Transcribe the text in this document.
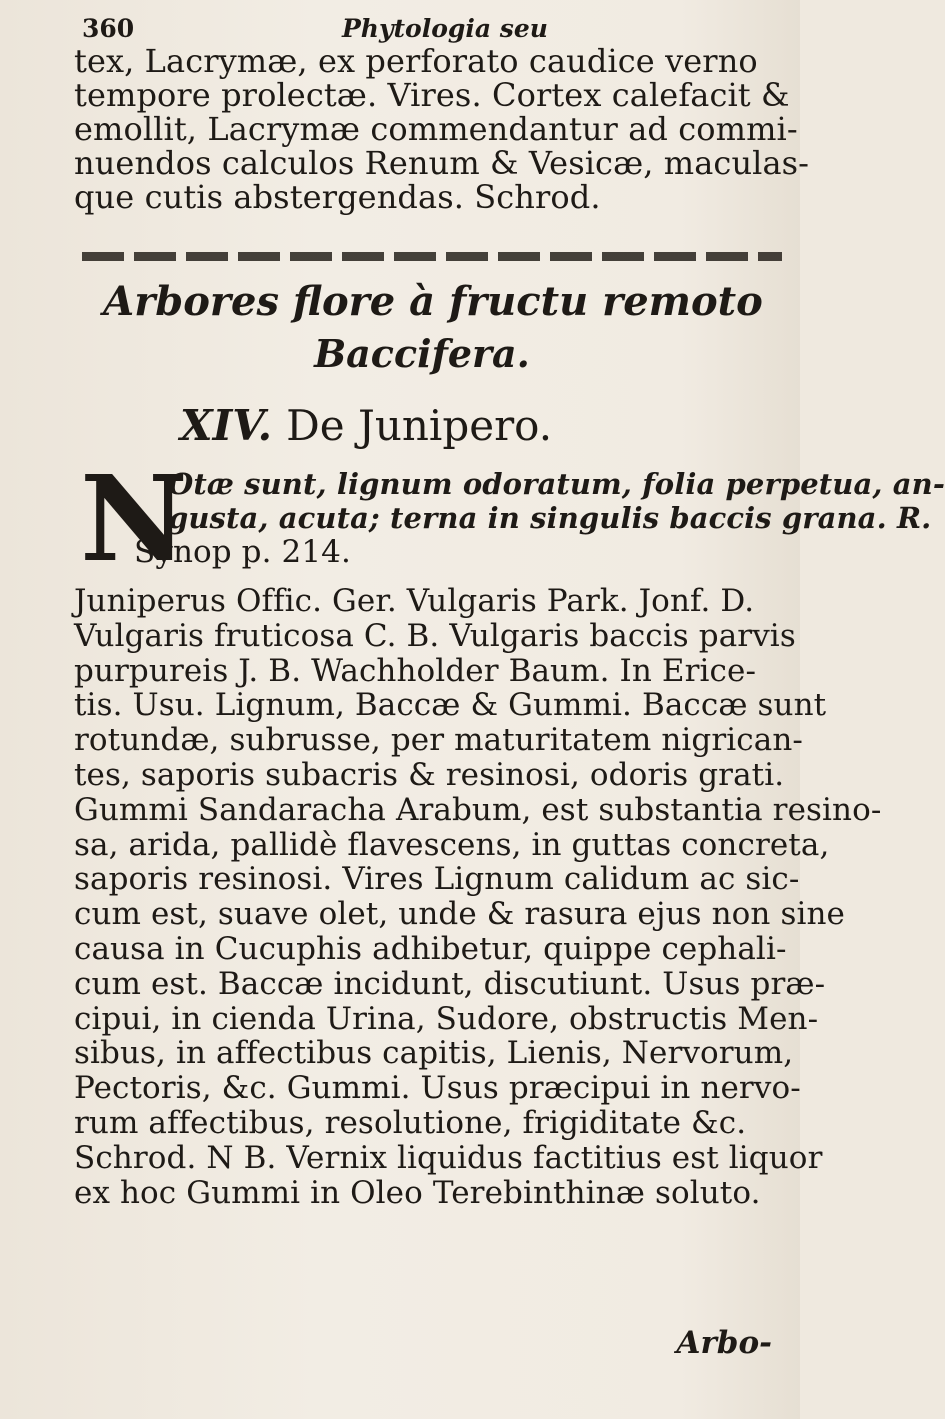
360	Phytologia seu
tex, Lacrymæ, ex perforato caudice verno
tempore prolectæ. Vires. Cortex calefacit &
emollit, Lacrymæ commendantur ad commi-
nuendos calculos Renum & Vesicæ, maculas-
que cutis abstergendas. Schrod.
Arbores flore à fructu remoto
Baccifera.
XIV. De Junipero.
N
Otæ sunt, lignum odoratum, folia perpetua, an-
gusta, acuta; terna in singulis baccis grana. R.
Synop p. 214.
Juniperus Offic. Ger. Vulgaris Park. Jonf. D.
Vulgaris fruticosa C. B. Vulgaris baccis parvis
purpureis J. B. Wachholder Baum. In Erice-
tis. Usu. Lignum, Baccæ & Gummi. Baccæ sunt
rotundæ, subrusse, per maturitatem nigrican-
tes, saporis subacris & resinosi, odoris grati.
Gummi Sandaracha Arabum, est substantia resino-
sa, arida, pallidè flavescens, in guttas concreta,
saporis resinosi. Vires Lignum calidum ac sic-
cum est, suave olet, unde & rasura ejus non sine
causa in Cucuphis adhibetur, quippe cephali-
cum est. Baccæ incidunt, discutiunt. Usus præ-
cipui, in cienda Urina, Sudore, obstructis Men-
sibus, in affectibus capitis, Lienis, Nervorum,
Pectoris, &c. Gummi. Usus præcipui in nervo-
rum affectibus, resolutione, frigiditate &c.
Schrod. N B. Vernix liquidus factitius est liquor
ex hoc Gummi in Oleo Terebinthinæ soluto.
Arbo-
